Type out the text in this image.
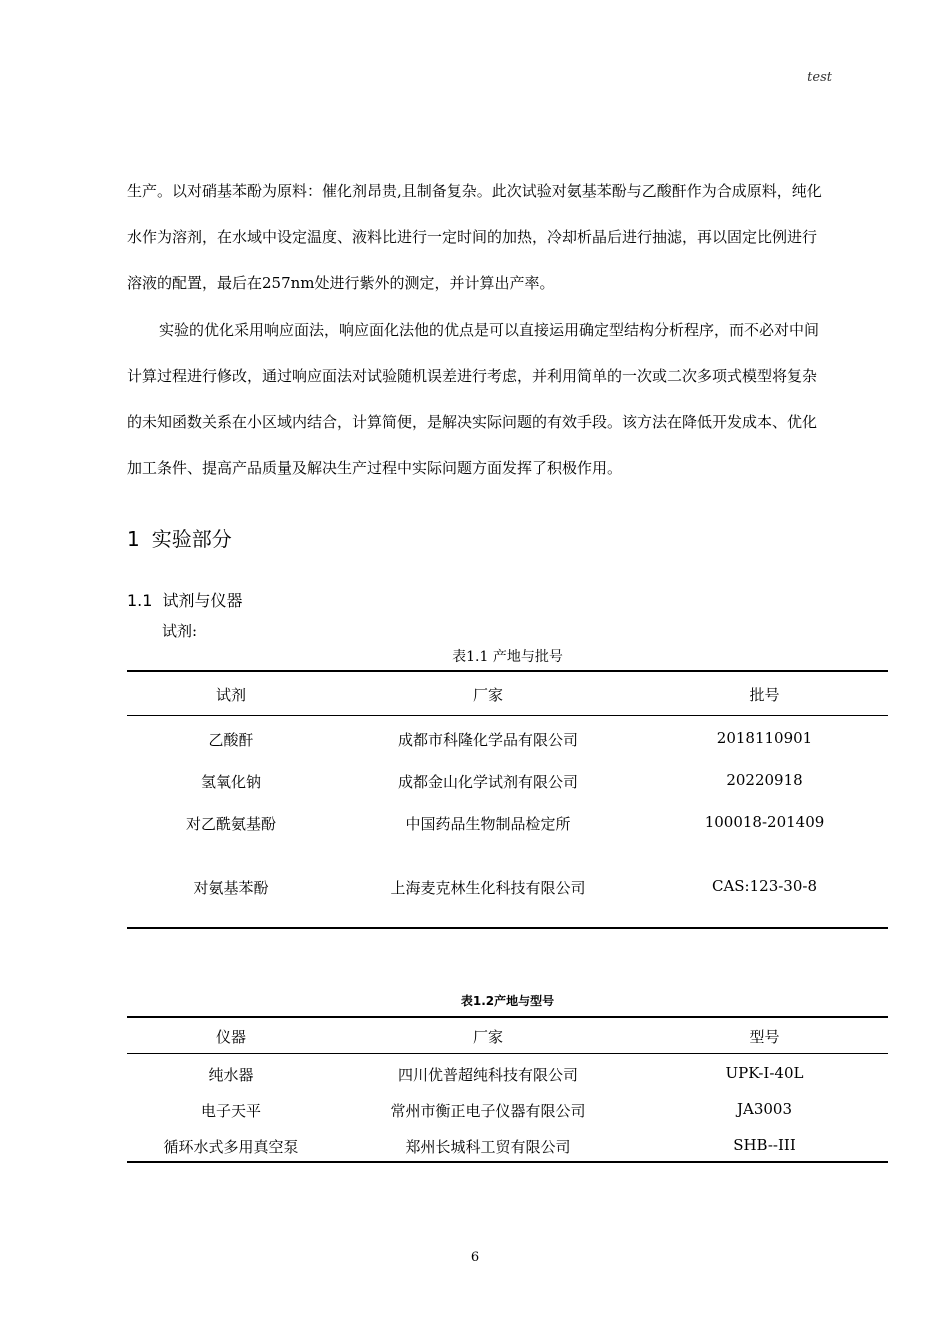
test
生产。以对硝基苯酚为原料：催化剂昂贵,且制备复杂。此次试验对氨基苯酚与乙酸酐作为合成原料，纯化水作为溶剂，在水域中设定温度、液料比进行一定时间的加热，冷却析晶后进行抽滤，再以固定比例进行溶液的配置，最后在257nm处进行紫外的测定，并计算出产率。
实验的优化采用响应面法，响应面化法他的优点是可以直接运用确定型结构分析程序，而不必对中间计算过程进行修改，通过响应面法对试验随机误差进行考虑，并利用简单的一次或二次多项式模型将复杂的未知函数关系在小区域内结合，计算简便，是解决实际问题的有效手段。该方法在降低开发成本、优化加工条件、提高产品质量及解决生产过程中实际问题方面发挥了积极作用。
1 实验部分
1.1 试剂与仪器
试剂:
表1.1 产地与批号
试剂	厂家	批号
乙酸酐	成都市科隆化学品有限公司	2018110901
氢氧化钠	成都金山化学试剂有限公司	20220918
对乙酰氨基酚	中国药品生物制品检定所	100018-201409
对氨基苯酚	上海麦克林生化科技有限公司	CAS:123-30-8
表1.2产地与型号
仪器	厂家	型号
纯水器	四川优普超纯科技有限公司	UPK-I-40L
电子天平	常州市衡正电子仪器有限公司	JA3003
循环水式多用真空泵	郑州长城科工贸有限公司	SHB--III
6
